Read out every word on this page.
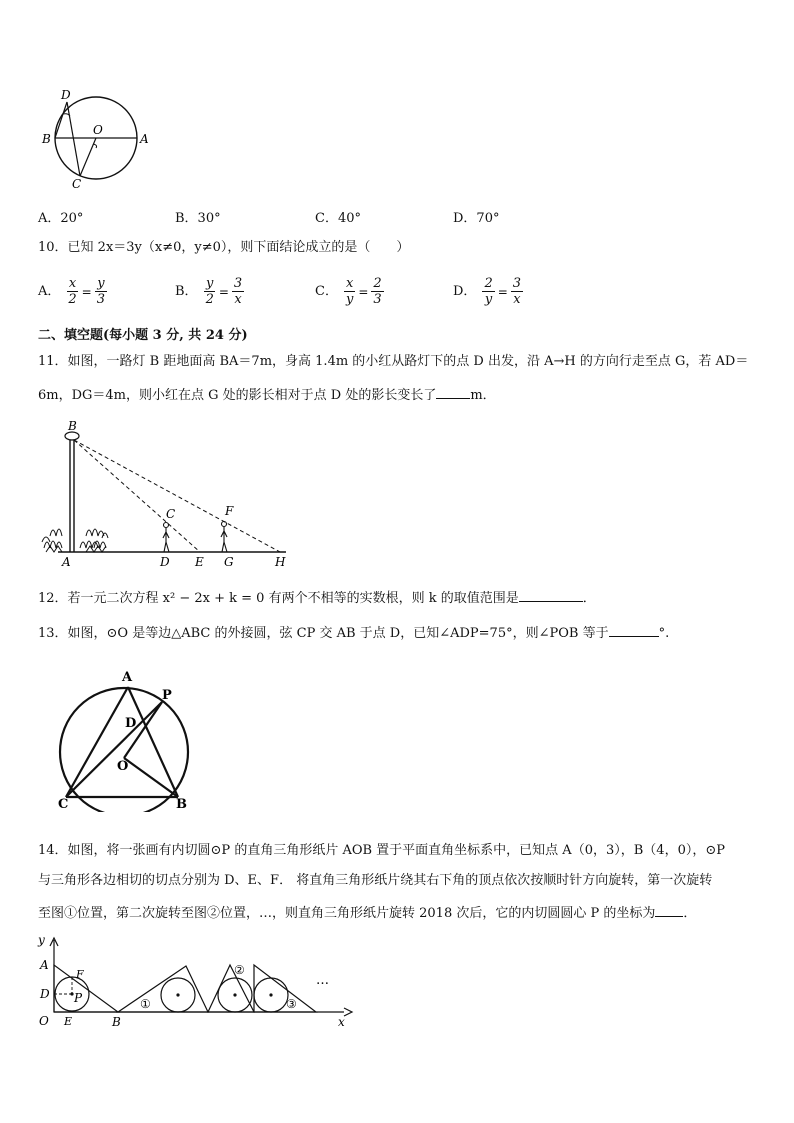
D
B
O
A
C
A．20°	B．30°	C．40°	D．70°
10．已知 2x＝3y（x≠0，y≠0），则下面结论成立的是（　　）
A． $\frac{x}{2} = \frac{y}{3}$	B． $\frac{y}{2} = \frac{3}{x}$	C． $\frac{x}{y} = \frac{2}{3}$	D． $\frac{2}{y} = \frac{3}{x}$
二、填空题(每小题 3 分, 共 24 分)
11．如图，一路灯 B 距地面高 BA＝7m，身高 1.4m 的小红从路灯下的点 D 出发，沿 A→H 的方向行走至点 G，若 AD＝
6m，DG＝4m，则小红在点 G 处的影长相对于点 D 处的影长变长了	m．
B
C	F
A	D E G	H
12．若一元二次方程 x² − 2x + k = 0 有两个不相等的实数根，则 k 的取值范围是	．
13．如图，⊙O 是等边△ABC 的外接圆，弦 CP 交 AB 于点 D，已知∠ADP=75°，则∠POB 等于	°.
A
P
D
O
C	B
14．如图，将一张画有内切圆⊙P 的直角三角形纸片 AOB 置于平面直角坐标系中，已知点 A（0，3），B（4，0），⊙P
与三角形各边相切的切点分别为 D、E、F． 将直角三角形纸片绕其右下角的顶点依次按顺时针方向旋转，第一次旋转
至图①位置，第二次旋转至图②位置，…，则直角三角形纸片旋转 2018 次后，它的内切圆圆心 P 的坐标为 ．
y
A
F
D P
O E	B	x
①
②
③
…
